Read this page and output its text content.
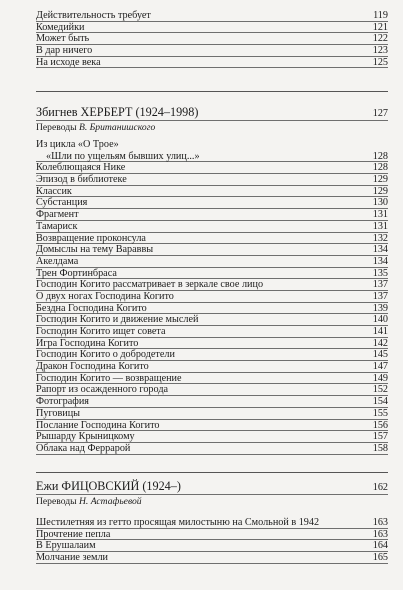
Действительность требует	119
Комедийки	121
Может быть	122
В дар ничего	123
На исходе века	125
Збигнев ХЕРБЕРТ (1924–1998)	127
Переводы В. Британишского
Из цикла «О Трое»
«Шли по ущельям бывших улиц...»	128
Колеблющаяся Нике	128
Эпизод в библиотеке	129
Классик	129
Субстанция	130
Фрагмент	131
Тамариск	131
Возвращение проконсула	132
Домыслы на тему Вараввы	134
Акелдама	134
Трен Фортинбраса	135
Господин Когито рассматривает в зеркале свое лицо	137
О двух ногах Господина Когито	137
Бездна Господина Когито	139
Господин Когито и движение мыслей	140
Господин Когито ищет совета	141
Игра Господина Когито	142
Господин Когито о добродетели	145
Дракон Господина Когито	147
Господин Когито — возвращение	149
Рапорт из осажденного города	152
Фотография	154
Пуговицы	155
Послание Господина Когито	156
Рышарду Крыницкому	157
Облака над Феррарой	158
Ежи ФИЦОВСКИЙ (1924–)	162
Переводы Н. Астафьевой
Шестилетняя из гетто просящая милостыню на Смольной в 1942	163
Прочтение пепла	163
В Ерушалаим	164
Молчание земли	165
